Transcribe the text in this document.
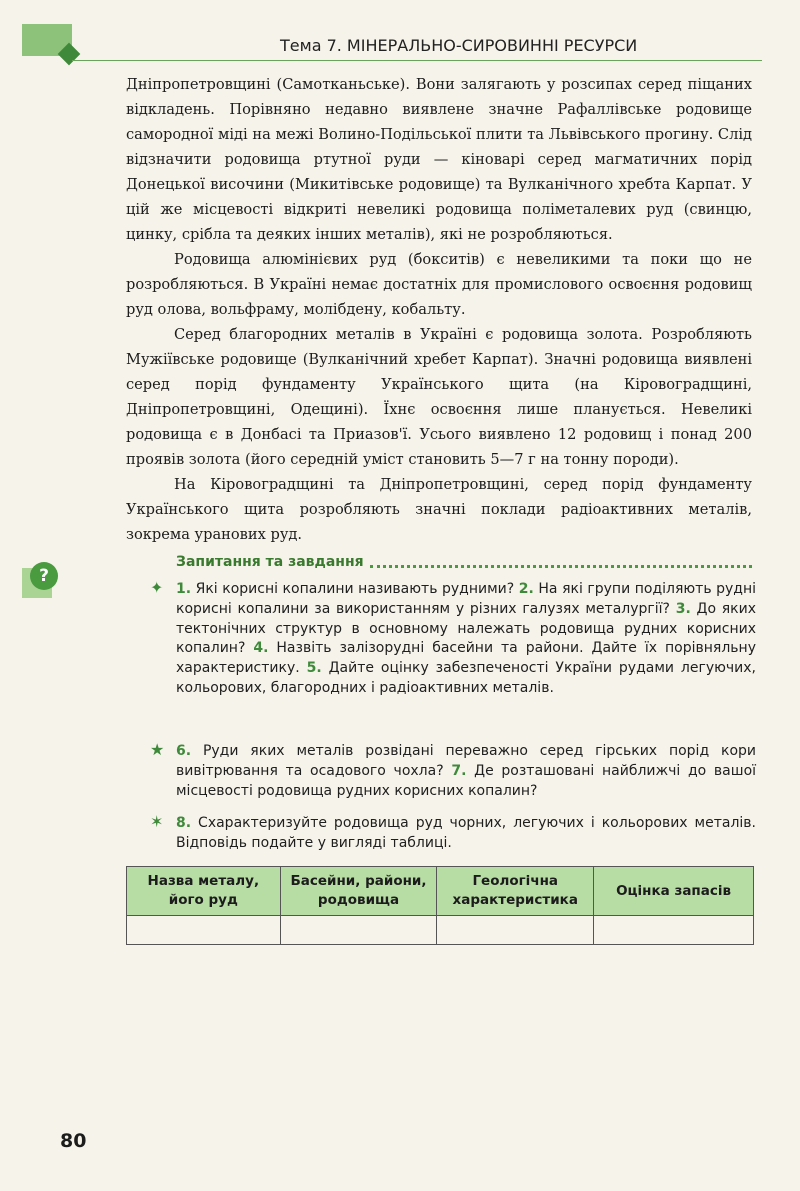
Тема 7. МІНЕРАЛЬНО-СИРОВИННІ РЕСУРСИ

Дніпропетровщині (Самотканьське). Вони залягають у розсипах серед піщаних відкладень. Порівняно недавно виявлене значне Рафаллівське родовище самородної міді на межі Волино-Подільської плити та Львівського прогину. Слід відзначити родовища ртутної руди — кіноварі серед магматичних порід Донецької височини (Микитівське родовище) та Вулканічного хребта Карпат. У цій же місцевості відкриті невеликі родовища поліметалевих руд (свинцю, цинку, срібла та деяких інших металів), які не розробляються.

Родовища алюмінієвих руд (бокситів) є невеликими та поки що не розробляються. В Україні немає достатніх для промислового освоєння родовищ руд олова, вольфраму, молібдену, кобальту.

Серед благородних металів в Україні є родовища золота. Розробляють Мужіївське родовище (Вулканічний хребет Карпат). Значні родовища виявлені серед порід фундаменту Українського щита (на Кіровоградщині, Дніпропетровщині, Одещині). Їхнє освоєння лише планується. Невеликі родовища є в Донбасі та Приазов'ї. Усього виявлено 12 родовищ і понад 200 проявів золота (його середній уміст становить 5—7 г на тонну породи).

На Кіровоградщині та Дніпропетровщині, серед порід фундаменту Українського щита розробляють значні поклади радіоактивних металів, зокрема уранових руд.

?
Запитання та завдання
✦ 1. Які корисні копалини називають рудними? 2. На які групи поділяють рудні корисні копалини за використанням у різних галузях металургії? 3. До яких тектонічних структур в основному належать родовища рудних корисних копалин? 4. Назвіть залізорудні басейни та райони. Дайте їх порівняльну характеристику. 5. Дайте оцінку забезпеченості України рудами легуючих, кольорових, благородних і радіоактивних металів.
★ 6. Руди яких металів розвідані переважно серед гірських порід кори вивітрювання та осадового чохла? 7. Де розташовані найближчі до вашої місцевості родовища рудних корисних копалин?
✶ 8. Схарактеризуйте родовища руд чорних, легуючих і кольорових металів. Відповідь подайте у вигляді таблиці.
Назва металу, його руд	Басейни, райони, родовища	Геологічна характеристика	Оцінка запасів

80
